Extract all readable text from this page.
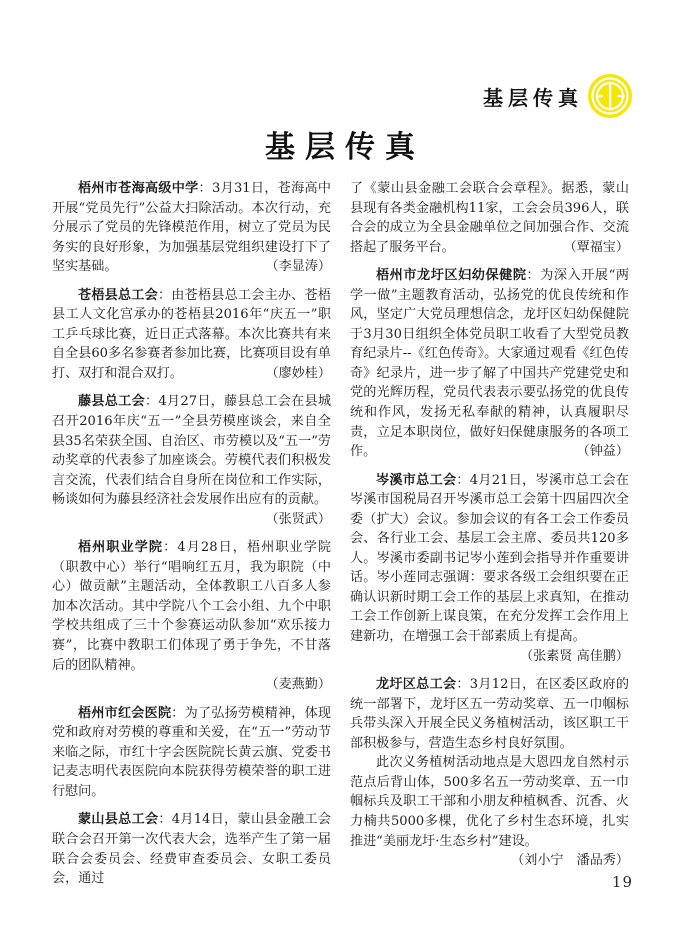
基层传真
基层传真

梧州市苍海高级中学：3月31日，苍海高中开展“党员先行”公益大扫除活动。本次行动，充分展示了党员的先锋模范作用，树立了党员为民务实的良好形象，为加强基层党组织建设打下了坚实基础。	（李显涛）

苍梧县总工会：由苍梧县总工会主办、苍梧县工人文化宫承办的苍梧县2016年“庆五一”职工乒乓球比赛，近日正式落幕。本次比赛共有来自全县60多名参赛者参加比赛，比赛项目设有单打、双打和混合双打。	（廖妙桂）

藤县总工会：4月27日，藤县总工会在县城召开2016年庆“五一”全县劳模座谈会，来自全县35名荣获全国、自治区、市劳模以及“五一”劳动奖章的代表参了加座谈会。劳模代表们积极发言交流，代表们结合自身所在岗位和工作实际，畅谈如何为藤县经济社会发展作出应有的贡献。

（张贤武）

梧州职业学院：4月28日，梧州职业学院（职教中心）举行“唱响红五月，我为职院（中心）做贡献”主题活动，全体教职工八百多人参加本次活动。其中学院八个工会小组、九个中职学校共组成了三十个参赛运动队参加“欢乐接力赛”，比赛中教职工们体现了勇于争先，不甘落后的团队精神。

（麦燕勤）

梧州市红会医院：为了弘扬劳模精神，体现党和政府对劳模的尊重和关爱，在“五一”劳动节来临之际，市红十字会医院院长黄云旗、党委书记麦志明代表医院向本院获得劳模荣誉的职工进行慰问。

蒙山县总工会：4月14日，蒙山县金融工会联合会召开第一次代表大会，选举产生了第一届联合会委员会、经费审查委员会、女职工委员会，通过

了《蒙山县金融工会联合会章程》。据悉，蒙山县现有各类金融机构11家，工会会员396人，联合会的成立为全县金融单位之间加强合作、交流搭起了服务平台。	（覃福宝）

梧州市龙圩区妇幼保健院：为深入开展“两学一做”主题教育活动，弘扬党的优良传统和作风，坚定广大党员理想信念，龙圩区妇幼保健院于3月30日组织全体党员职工收看了大型党员教育纪录片--《红色传奇》。大家通过观看《红色传奇》纪录片，进一步了解了中国共产党建党史和党的光辉历程，党员代表表示要弘扬党的优良传统和作风，发扬无私奉献的精神，认真履职尽责，立足本职岗位，做好妇保健康服务的各项工作。	（钟益）

岑溪市总工会：4月21日，岑溪市总工会在岑溪市国税局召开岑溪市总工会第十四届四次全委（扩大）会议。参加会议的有各工会工作委员会、各行业工会、基层工会主席、委员共120多人。岑溪市委副书记岑小莲到会指导并作重要讲话。岑小莲同志强调：要求各级工会组织要在正确认识新时期工会工作的基层上求真知，在推动工会工作创新上谋良策，在充分发挥工会作用上建新功，在增强工会干部素质上有提高。

（张素贤 高佳鹏）

龙圩区总工会：3月12日，在区委区政府的统一部署下，龙圩区五一劳动奖章、五一巾帼标兵带头深入开展全民义务植树活动，该区职工干部积极参与，营造生态乡村良好氛围。

此次义务植树活动地点是大恩四龙自然村示范点后背山体，500多名五一劳动奖章、五一巾帼标兵及职工干部和小朋友种植枫香、沉香、火力楠共5000多棵，优化了乡村生态环境，扎实推进“美丽龙圩·生态乡村”建设。

（刘小宁　潘品秀）

19
